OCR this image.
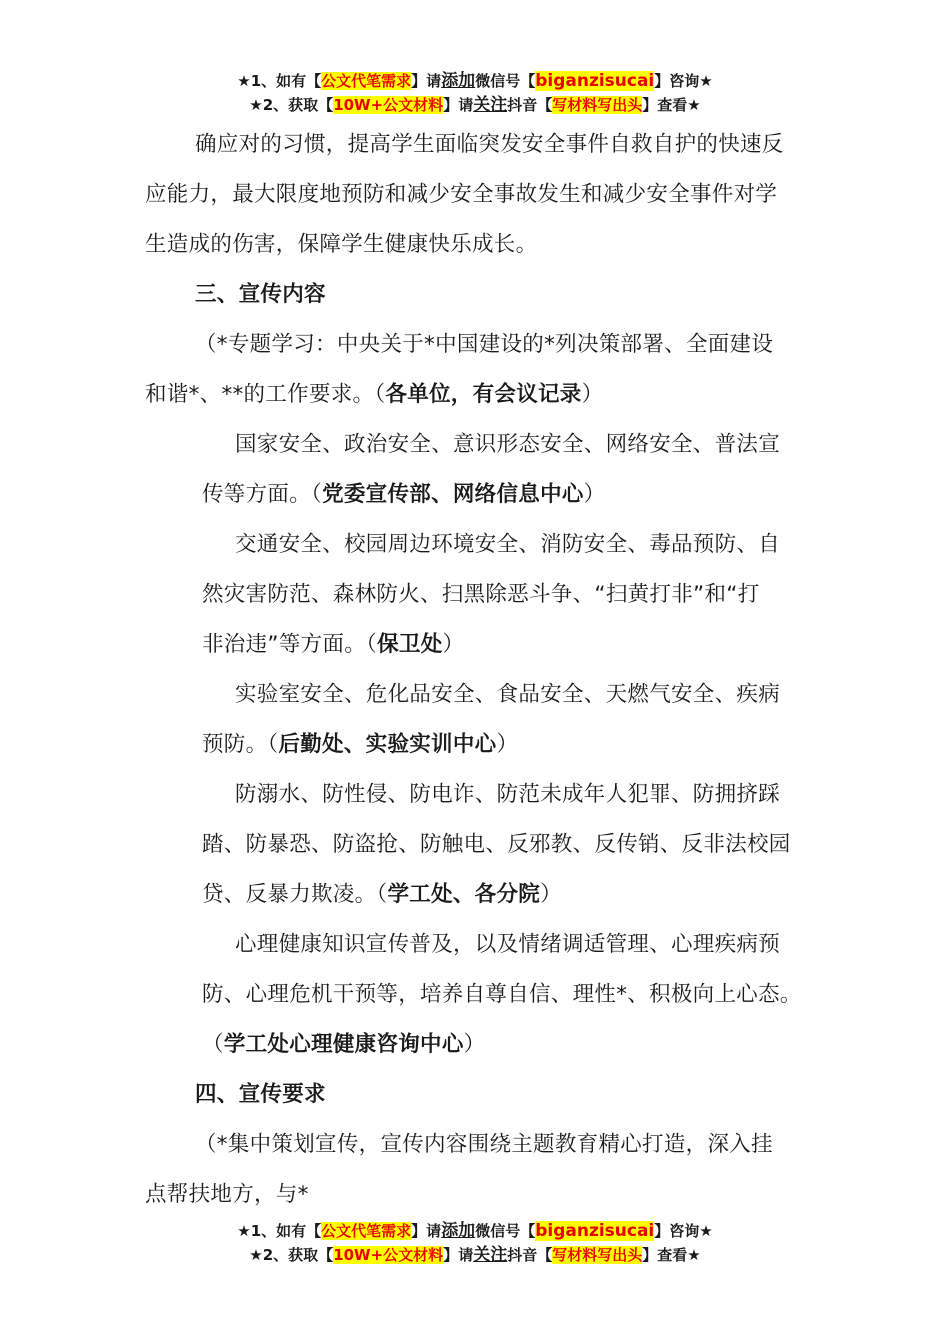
★1、如有【公文代笔需求】请添加微信号【biganzisucai】咨询★
★2、获取【10W+公文材料】请关注抖音【写材料写出头】查看★
确应对的习惯，提高学生面临突发安全事件自救自护的快速反
应能力，最大限度地预防和减少安全事故发生和减少安全事件对学
生造成的伤害，保障学生健康快乐成长。
三、宣传内容
（*专题学习：中央关于*中国建设的*列决策部署、全面建设
和谐*、**的工作要求。（各单位，有会议记录）
国家安全、政治安全、意识形态安全、网络安全、普法宣
传等方面。（党委宣传部、网络信息中心）
交通安全、校园周边环境安全、消防安全、毒品预防、自
然灾害防范、森林防火、扫黑除恶斗争、“扫黄打非”和“打
非治违”等方面。（保卫处）
实验室安全、危化品安全、食品安全、天燃气安全、疾病
预防。（后勤处、实验实训中心）
防溺水、防性侵、防电诈、防范未成年人犯罪、防拥挤踩
踏、防暴恐、防盗抢、防触电、反邪教、反传销、反非法校园
贷、反暴力欺凌。（学工处、各分院）
心理健康知识宣传普及，以及情绪调适管理、心理疾病预
防、心理危机干预等，培养自尊自信、理性*、积极向上心态。
（学工处心理健康咨询中心）
四、宣传要求
（*集中策划宣传，宣传内容围绕主题教育精心打造，深入挂
点帮扶地方，与*
★1、如有【公文代笔需求】请添加微信号【biganzisucai】咨询★
★2、获取【10W+公文材料】请关注抖音【写材料写出头】查看★
